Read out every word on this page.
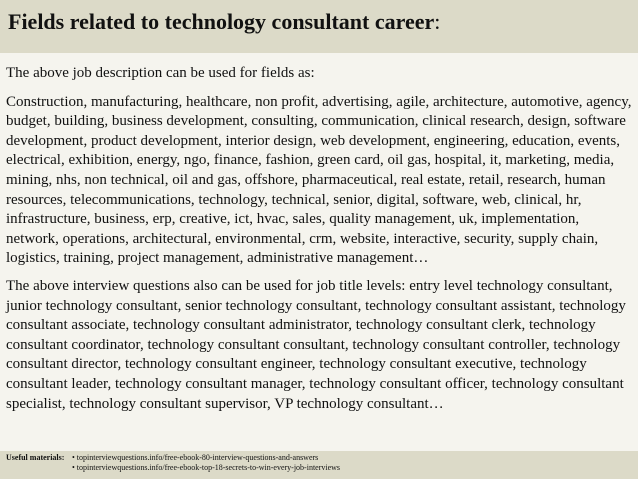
Fields related to technology consultant career:

The above job description can be used for fields as:

Construction, manufacturing, healthcare, non profit, advertising, agile, architecture, automotive, agency, budget, building, business development, consulting, communication, clinical research, design, software development, product development, interior design, web development, engineering, education, events, electrical, exhibition, energy, ngo, finance, fashion, green card, oil gas, hospital, it, marketing, media, mining, nhs, non technical, oil and gas, offshore, pharmaceutical, real estate, retail, research, human resources, telecommunications, technology, technical, senior, digital, software, web, clinical, hr, infrastructure, business, erp, creative, ict, hvac, sales, quality management, uk, implementation, network, operations, architectural, environmental, crm, website, interactive, security, supply chain, logistics, training, project management, administrative management…

The above interview questions also can be used for job title levels: entry level technology consultant, junior technology consultant, senior technology consultant, technology consultant assistant, technology consultant associate, technology consultant administrator, technology consultant clerk, technology consultant coordinator, technology consultant consultant, technology consultant controller, technology consultant director, technology consultant engineer, technology consultant executive, technology consultant leader, technology consultant manager, technology consultant officer, technology consultant specialist, technology consultant supervisor, VP technology consultant…

Useful materials: • topinterviewquestions.info/free-ebook-80-interview-questions-and-answers
• topinterviewquestions.info/free-ebook-top-18-secrets-to-win-every-job-interviews
